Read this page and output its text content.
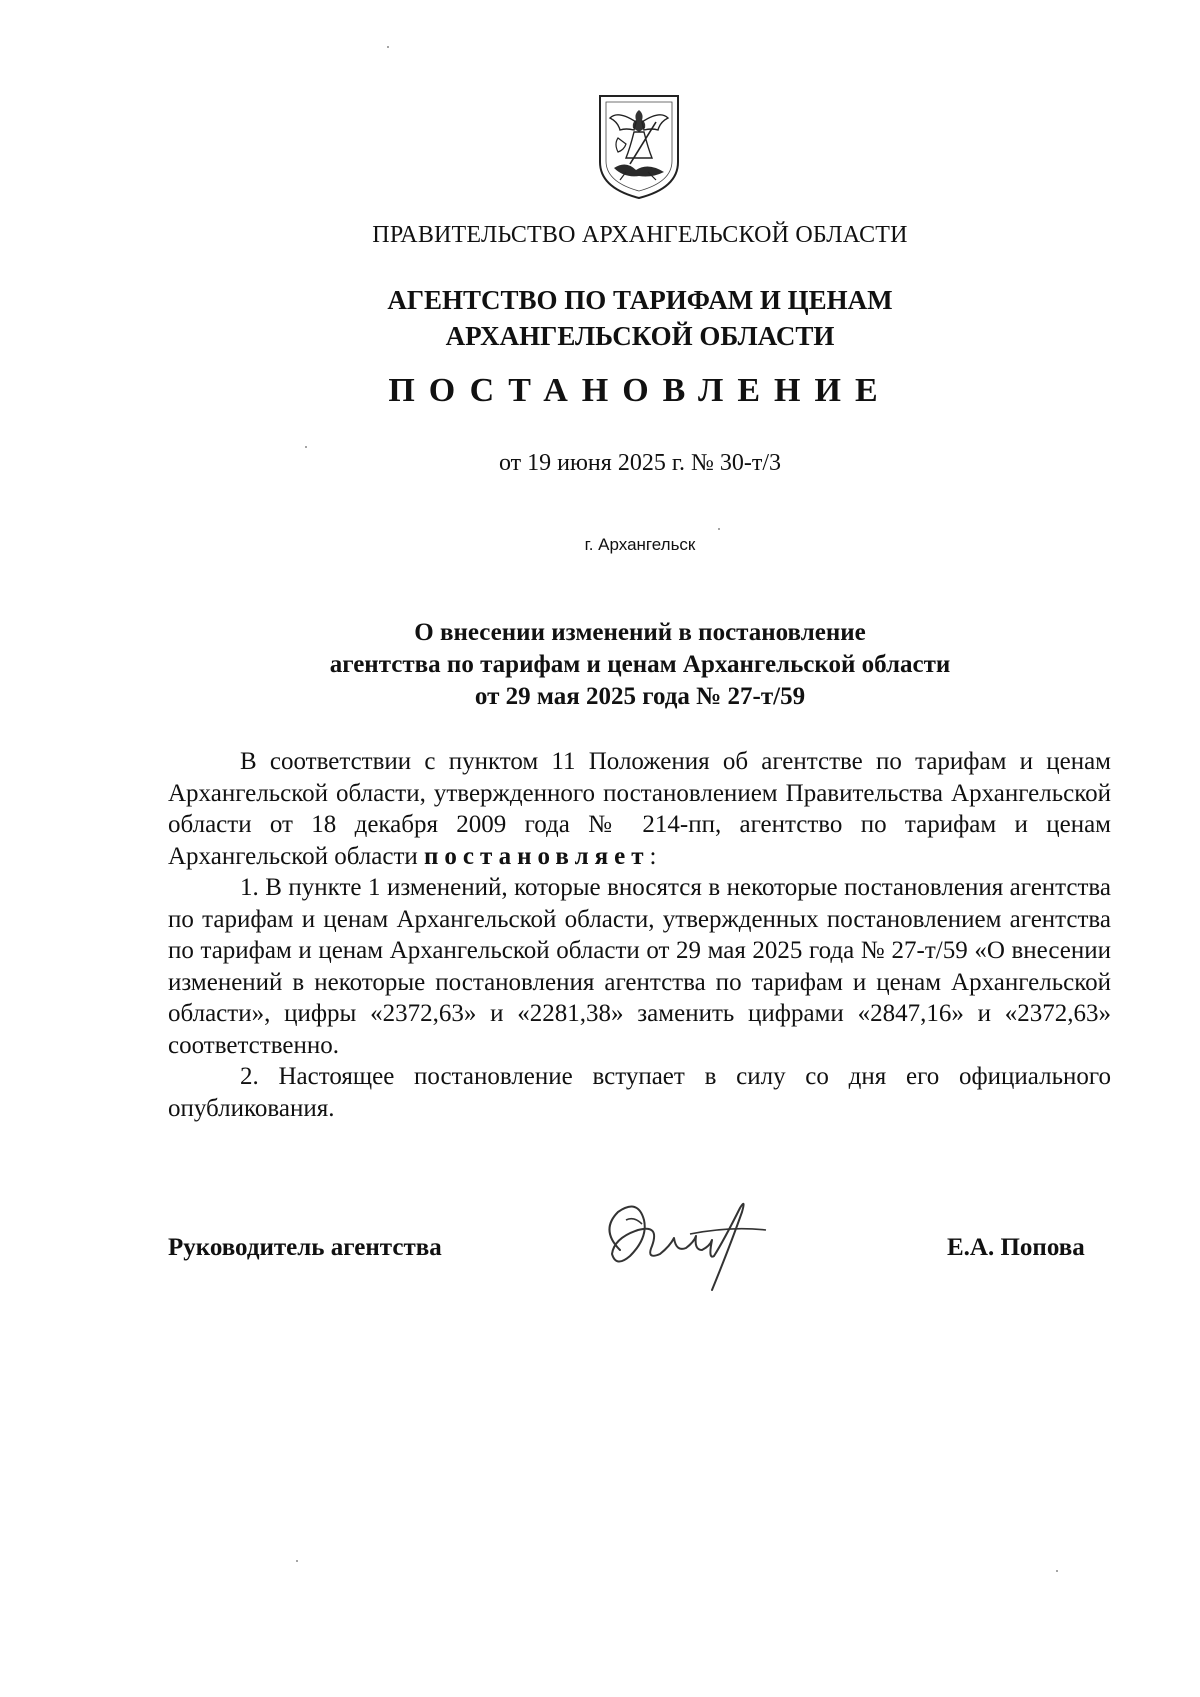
ПРАВИТЕЛЬСТВО АРХАНГЕЛЬСКОЙ ОБЛАСТИ
АГЕНТСТВО ПО ТАРИФАМ И ЦЕНАМ
АРХАНГЕЛЬСКОЙ ОБЛАСТИ
ПОСТАНОВЛЕНИЕ
от 19 июня 2025 г. № 30-т/3
г. Архангельск
О внесении изменений в постановление
агентства по тарифам и ценам Архангельской области
от 29 мая 2025 года № 27-т/59

В соответствии с пунктом 11 Положения об агентстве по тарифам и ценам Архангельской области, утвержденного постановлением Правительства Архангельской области от 18 декабря 2009 года № 214-пп, агентство по тарифам и ценам Архангельской области постановляет:

1. В пункте 1 изменений, которые вносятся в некоторые постановления агентства по тарифам и ценам Архангельской области, утвержденных постановлением агентства по тарифам и ценам Архангельской области от 29 мая 2025 года № 27-т/59 «О внесении изменений в некоторые постановления агентства по тарифам и ценам Архангельской области», цифры «2372,63» и «2281,38» заменить цифрами «2847,16» и «2372,63» соответственно.

2. Настоящее постановление вступает в силу со дня его официального опубликования.

Руководитель агентства	Е.А. Попова
